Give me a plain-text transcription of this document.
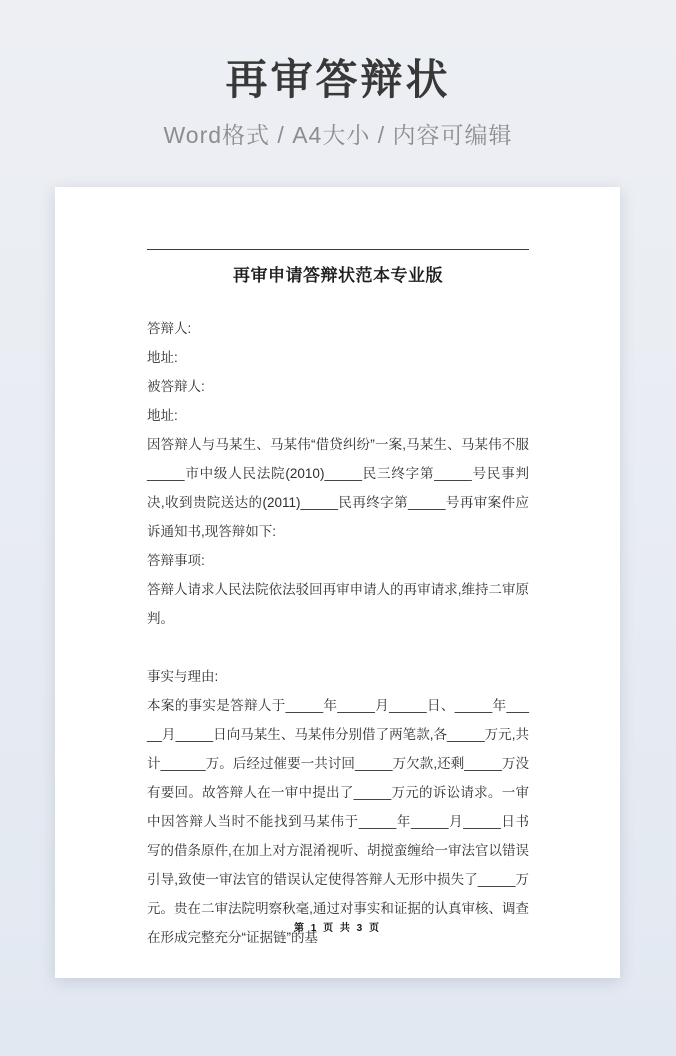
再审答辩状
Word格式 / A4大小 / 内容可编辑
再审申请答辩状范本专业版

答辩人:

地址:

被答辩人:

地址:

因答辩人与马某生、马某伟“借贷纠纷”一案,马某生、马某伟不服_____市中级人民法院(2010)_____民三终字第_____号民事判决,收到贵院送达的(2011)_____民再终字第_____号再审案件应诉通知书,现答辩如下:

答辩事项:

答辩人请求人民法院依法驳回再审申请人的再审请求,维持二审原判。

事实与理由:

本案的事实是答辩人于_____年_____月_____日、_____年_____月_____日向马某生、马某伟分别借了两笔款,各_____万元,共计______万。后经过催要一共讨回_____万欠款,还剩_____万没有要回。故答辩人在一审中提出了_____万元的诉讼请求。一审中因答辩人当时不能找到马某伟于_____年_____月_____日书写的借条原件,在加上对方混淆视听、胡搅蛮缠给一审法官以错误引导,致使一审法官的错误认定使得答辩人无形中损失了_____万元。贵在二审法院明察秋毫,通过对事实和证据的认真审核、调查在形成完整充分“证据链”的基

第 1 页 共 3 页
